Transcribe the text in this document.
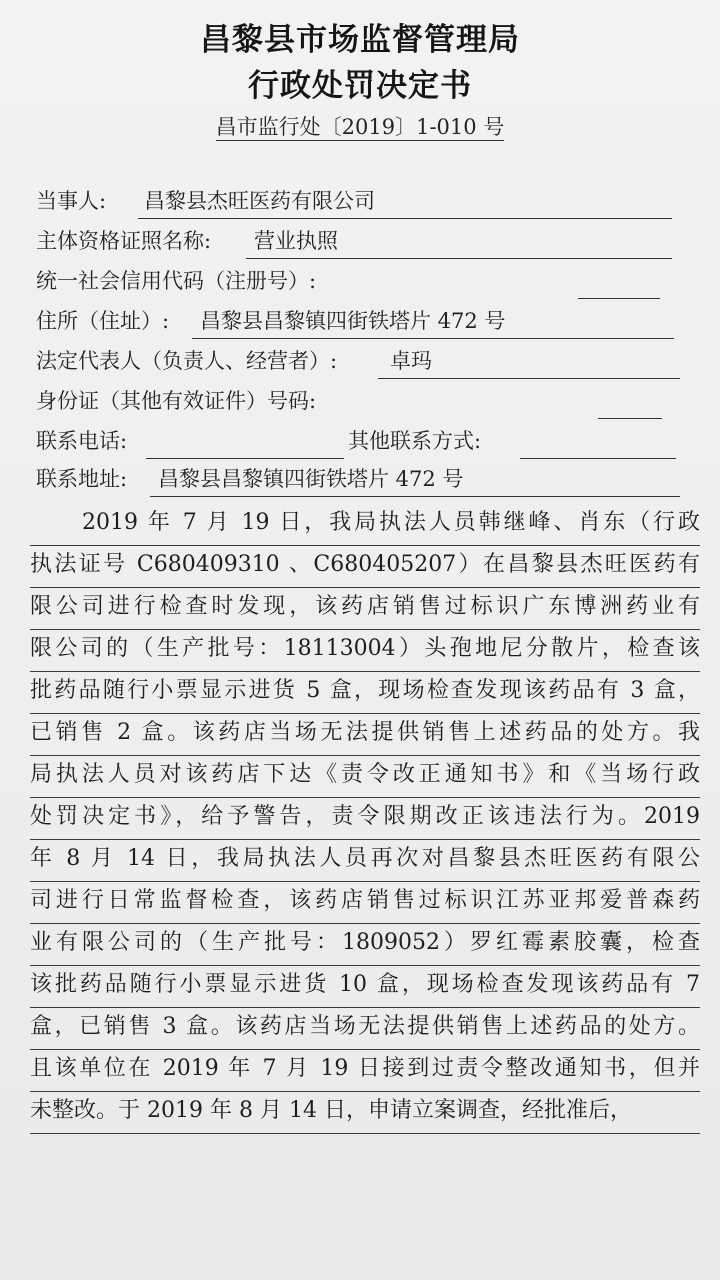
昌黎县市场监督管理局
行政处罚决定书
昌市监行处〔2019〕1-010 号
当事人: 昌黎县杰旺医药有限公司
主体资格证照名称:	营业执照
统一社会信用代码（注册号）:
住所（住址）:	昌黎县昌黎镇四街铁塔片 472 号
法定代表人（负责人、经营者）:	卓玛
身份证（其他有效证件）号码:
联系电话:	其他联系方式:
联系地址:	昌黎县昌黎镇四街铁塔片 472 号
2019 年 7 月 19 日，我局执法人员韩继峰、肖东（行政
执法证号 C680409310 、C680405207）在昌黎县杰旺医药有
限公司进行检查时发现，该药店销售过标识广东博洲药业有
限公司的（生产批号：18113004）头孢地尼分散片，检查该
批药品随行小票显示进货 5 盒，现场检查发现该药品有 3 盒，
已销售 2 盒。该药店当场无法提供销售上述药品的处方。我
局执法人员对该药店下达《责令改正通知书》和《当场行政
处罚决定书》，给予警告，责令限期改正该违法行为。2019
年 8 月 14 日，我局执法人员再次对昌黎县杰旺医药有限公
司进行日常监督检查，该药店销售过标识江苏亚邦爱普森药
业有限公司的（生产批号：1809052）罗红霉素胶囊，检查
该批药品随行小票显示进货 10 盒，现场检查发现该药品有 7
盒，已销售 3 盒。该药店当场无法提供销售上述药品的处方。
且该单位在 2019 年 7 月 19 日接到过责令整改通知书，但并
未整改。于 2019 年 8 月 14 日，申请立案调查，经批准后，
